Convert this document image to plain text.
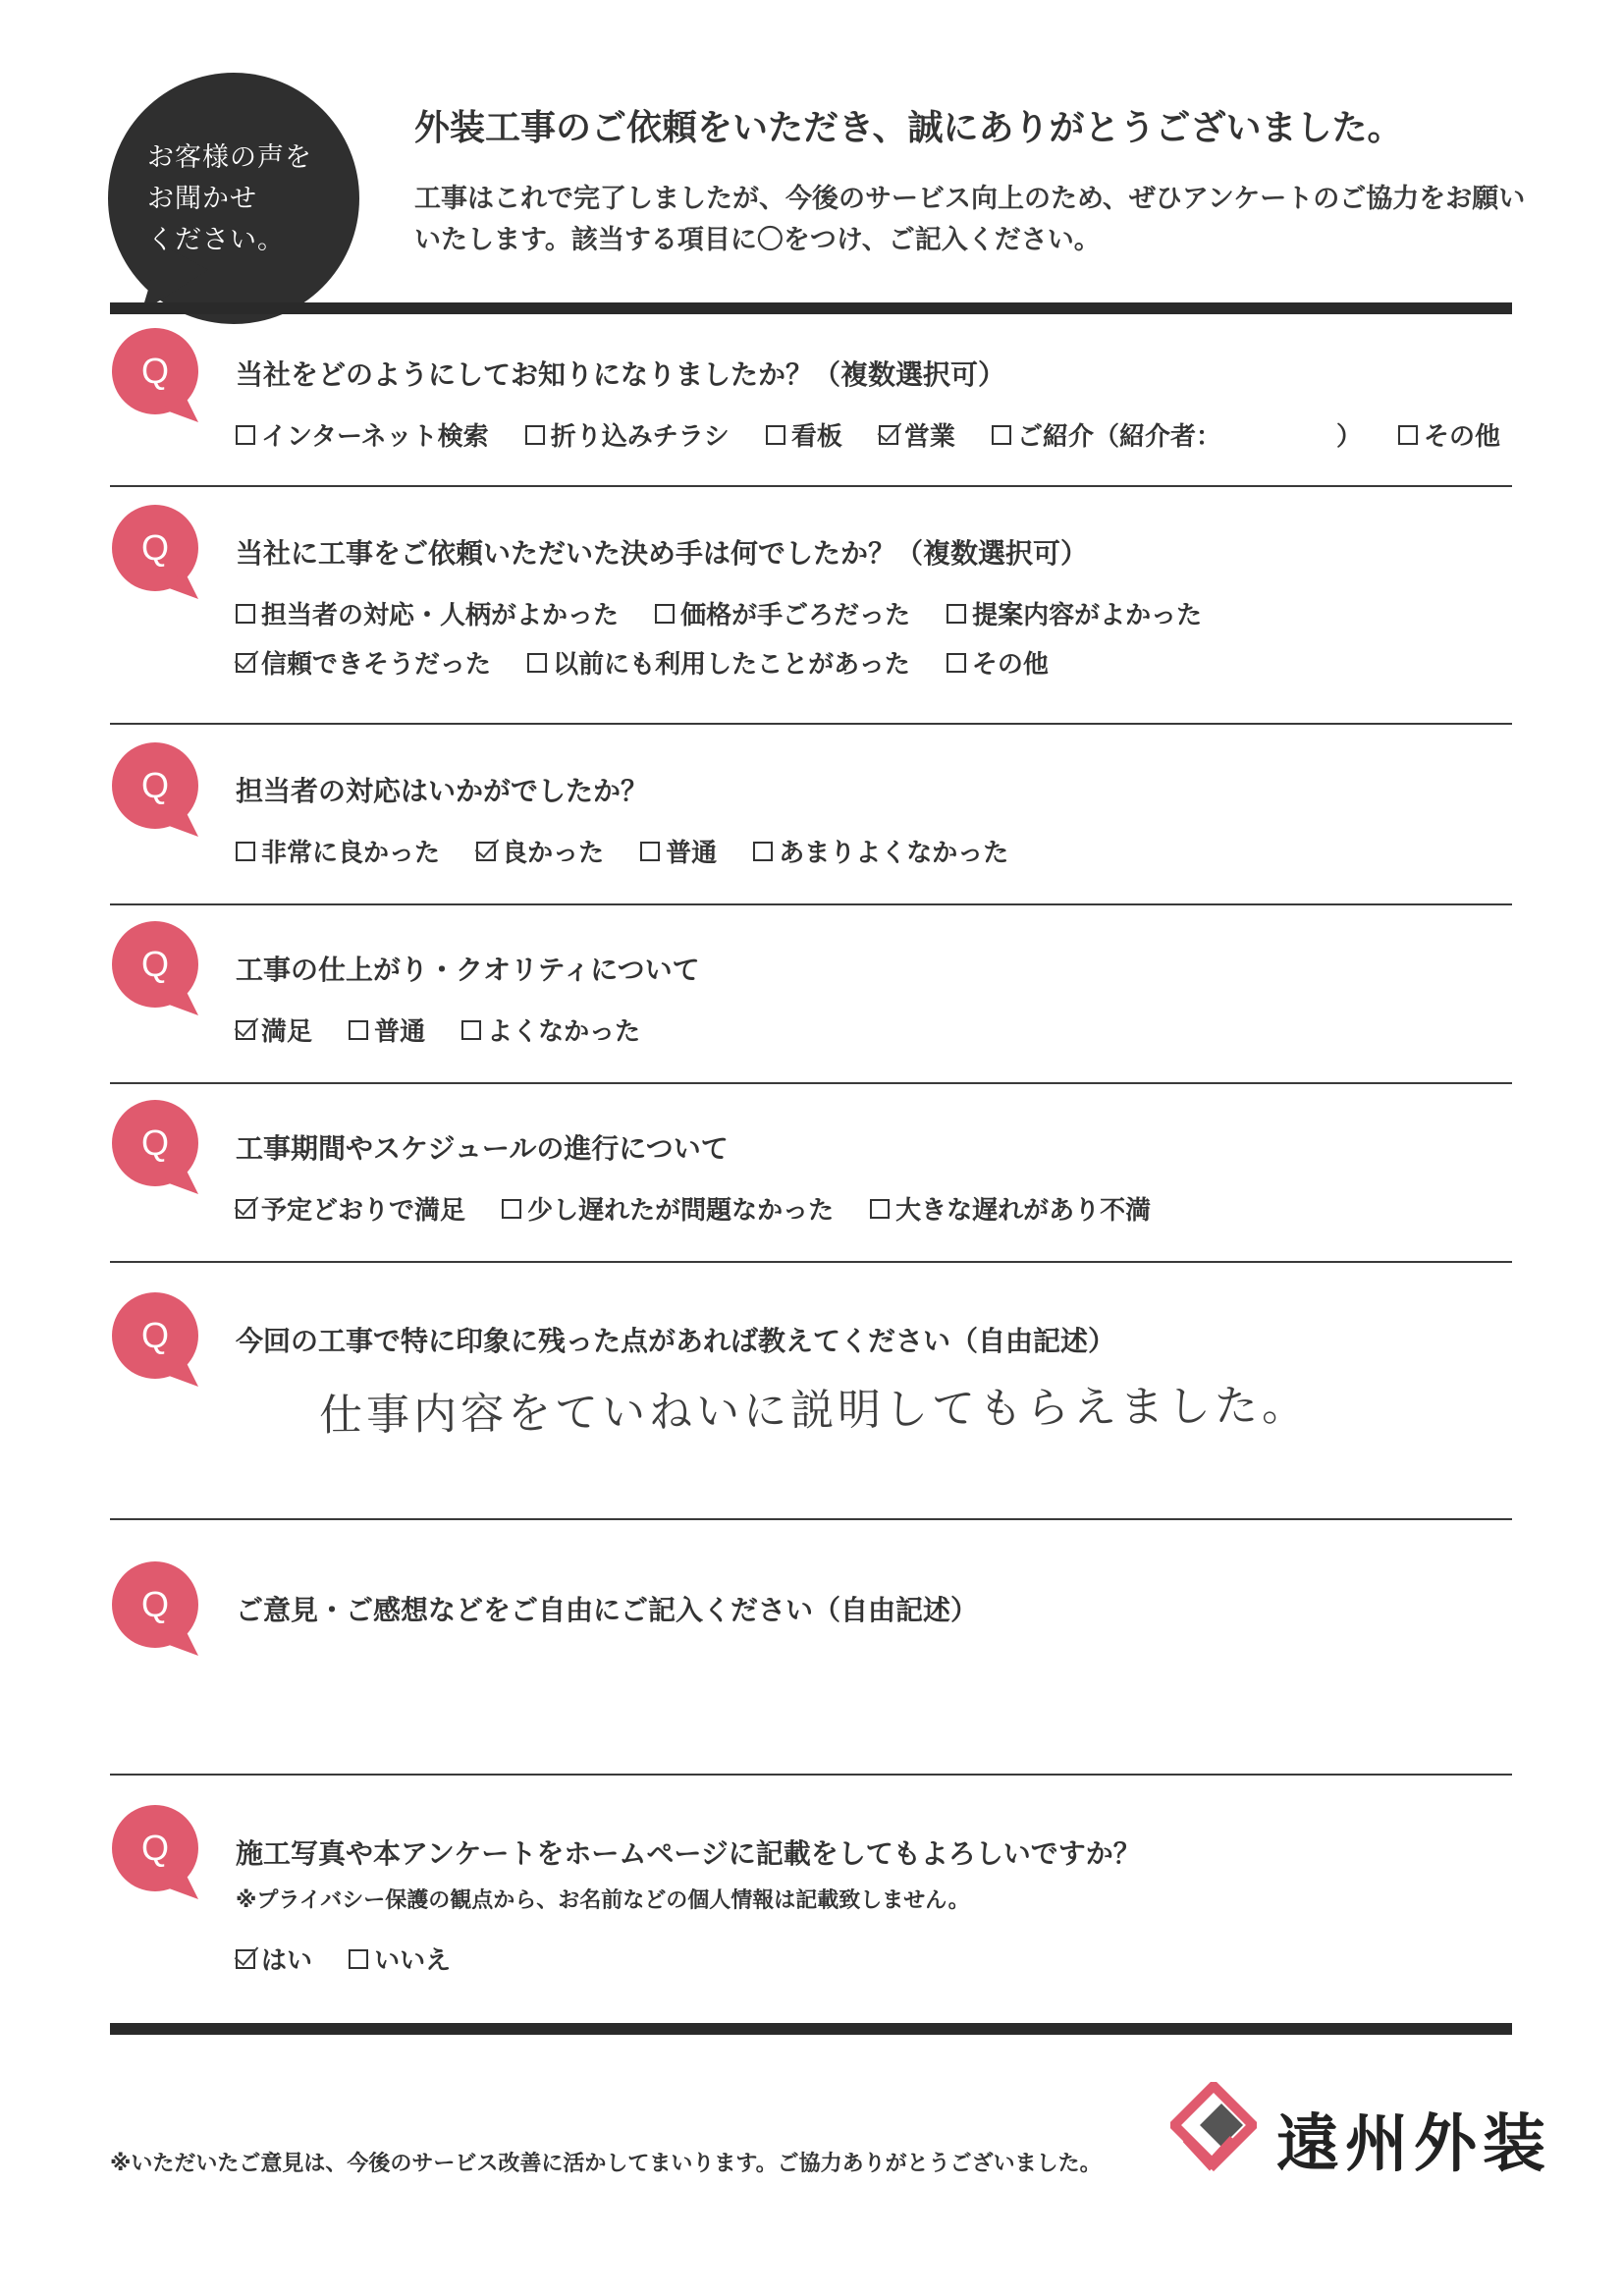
お客様の声を
お聞かせ
ください。
外装工事のご依頼をいただき、誠にありがとうございました。
工事はこれで完了しましたが、今後のサービス向上のため、ぜひアンケートのご協力をお願いいたします。該当する項目に〇をつけ、ご記入ください。
Q 当社をどのようにしてお知りになりましたか？（複数選択可）
インターネット検索
折り込みチラシ
看板
営業
ご紹介（紹介者：　　　　　）
その他
Q 当社に工事をご依頼いただいた決め手は何でしたか？（複数選択可）
担当者の対応・人柄がよかった
価格が手ごろだった
提案内容がよかった
信頼できそうだった
以前にも利用したことがあった
その他
Q 担当者の対応はいかがでしたか？
非常に良かった
良かった
普通
あまりよくなかった
Q 工事の仕上がり・クオリティについて
満足
普通
よくなかった
Q 工事期間やスケジュールの進行について
予定どおりで満足
少し遅れたが問題なかった
大きな遅れがあり不満
Q 今回の工事で特に印象に残った点があれば教えてください（自由記述）
仕事内容をていねいに説明してもらえました。
Q ご意見・ご感想などをご自由にご記入ください（自由記述）
Q 施工写真や本アンケートをホームページに記載をしてもよろしいですか？
※プライバシー保護の観点から、お名前などの個人情報は記載致しません。
はい
いいえ
※いただいたご意見は、今後のサービス改善に活かしてまいります。ご協力ありがとうございました。	遠州外装
